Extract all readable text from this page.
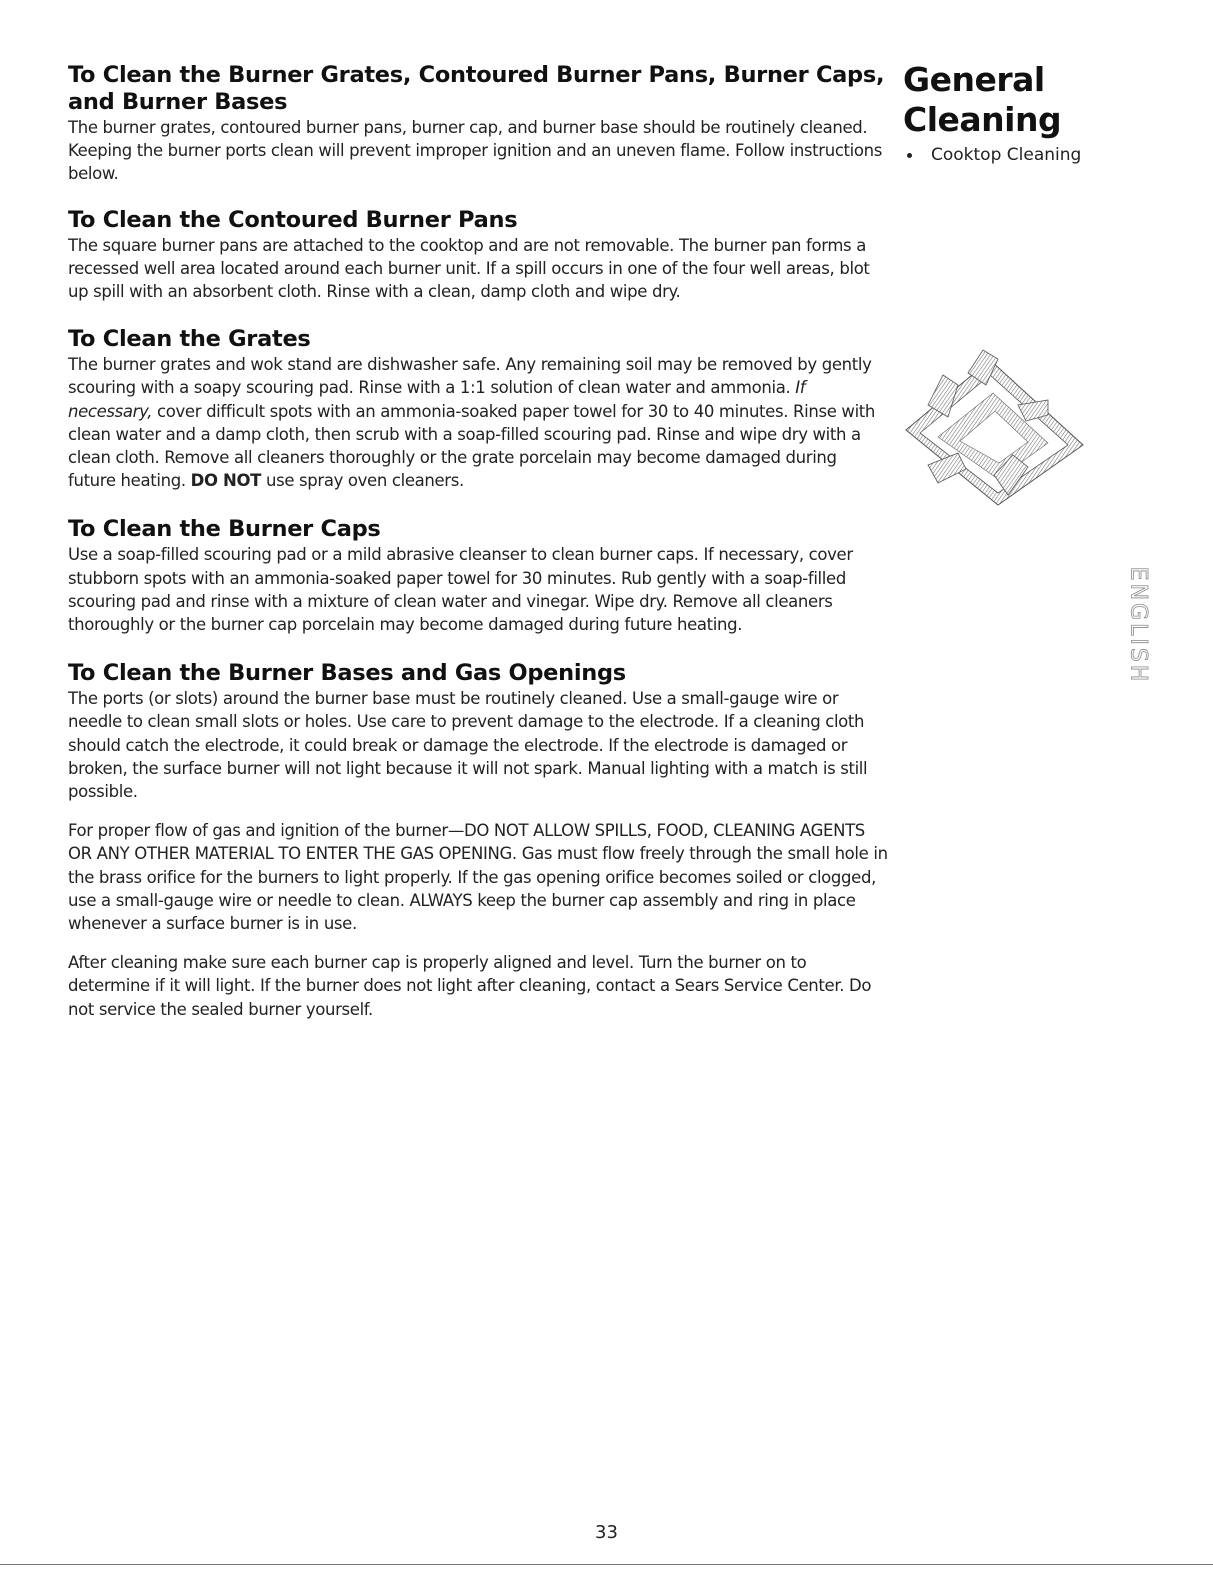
To Clean the Burner Grates, Contoured Burner Pans, Burner Caps, and Burner Bases

The burner grates, contoured burner pans, burner cap, and burner base should be routinely cleaned. Keeping the burner ports clean will prevent improper ignition and an uneven flame. Follow instructions below.

To Clean the Contoured Burner Pans

The square burner pans are attached to the cooktop and are not removable. The burner pan forms a recessed well area located around each burner unit. If a spill occurs in one of the four well areas, blot up spill with an absorbent cloth. Rinse with a clean, damp cloth and wipe dry.

To Clean the Grates

The burner grates and wok stand are dishwasher safe. Any remaining soil may be removed by gently scouring with a soapy scouring pad. Rinse with a 1:1 solution of clean water and ammonia. If necessary, cover difficult spots with an ammonia-soaked paper towel for 30 to 40 minutes. Rinse with clean water and a damp cloth, then scrub with a soap-filled scouring pad. Rinse and wipe dry with a clean cloth. Remove all cleaners thoroughly or the grate porcelain may become damaged during future heating. DO NOT use spray oven cleaners.

To Clean the Burner Caps

Use a soap-filled scouring pad or a mild abrasive cleanser to clean burner caps. If necessary, cover stubborn spots with an ammonia-soaked paper towel for 30 minutes. Rub gently with a soap-filled scouring pad and rinse with a mixture of clean water and vinegar. Wipe dry. Remove all cleaners thoroughly or the burner cap porcelain may become damaged during future heating.

To Clean the Burner Bases and Gas Openings

The ports (or slots) around the burner base must be routinely cleaned. Use a small-gauge wire or needle to clean small slots or holes. Use care to prevent damage to the electrode. If a cleaning cloth should catch the electrode, it could break or damage the electrode. If the electrode is damaged or broken, the surface burner will not light because it will not spark. Manual lighting with a match is still possible.

For proper flow of gas and ignition of the burner—DO NOT ALLOW SPILLS, FOOD, CLEANING AGENTS OR ANY OTHER MATERIAL TO ENTER THE GAS OPENING. Gas must flow freely through the small hole in the brass orifice for the burners to light properly. If the gas opening orifice becomes soiled or clogged, use a small-gauge wire or needle to clean. ALWAYS keep the burner cap assembly and ring in place whenever a surface burner is in use.

After cleaning make sure each burner cap is properly aligned and level. Turn the burner on to determine if it will light. If the burner does not light after cleaning, contact a Sears Service Center. Do not service the sealed burner yourself.

General
Cleaning
Cooktop Cleaning
ENGLISH
33
